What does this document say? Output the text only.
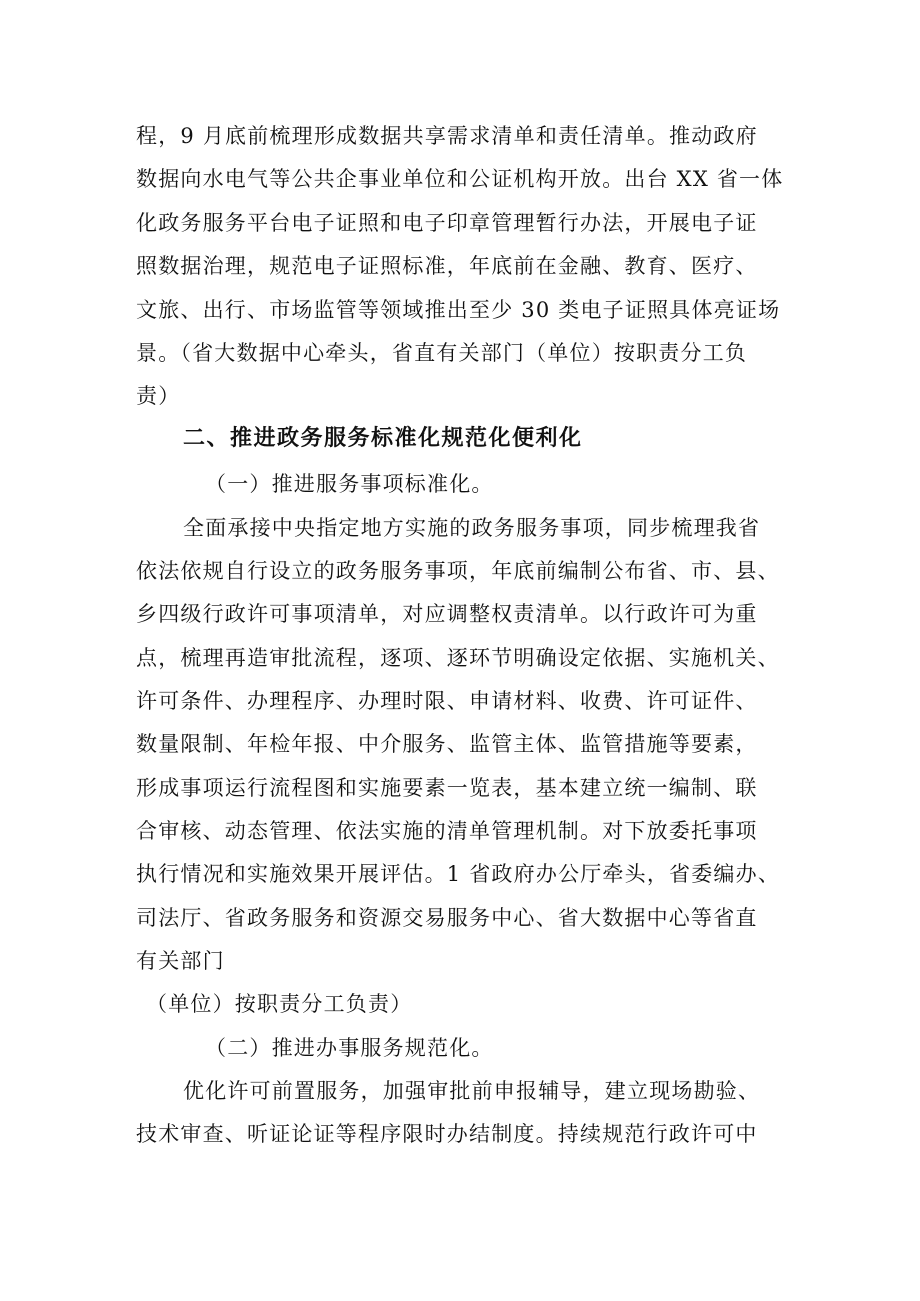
程，9 月底前梳理形成数据共享需求清单和责任清单。推动政府
数据向水电气等公共企事业单位和公证机构开放。出台 XX 省一体
化政务服务平台电子证照和电子印章管理暂行办法，开展电子证
照数据治理，规范电子证照标准，年底前在金融、教育、医疗、
文旅、出行、市场监管等领域推出至少 30 类电子证照具体亮证场
景。（省大数据中心牵头，省直有关部门（单位）按职责分工负
责）
二、推进政务服务标准化规范化便利化
（一）推进服务事项标准化。
全面承接中央指定地方实施的政务服务事项，同步梳理我省
依法依规自行设立的政务服务事项，年底前编制公布省、市、县、
乡四级行政许可事项清单，对应调整权责清单。以行政许可为重
点，梳理再造审批流程，逐项、逐环节明确设定依据、实施机关、
许可条件、办理程序、办理时限、申请材料、收费、许可证件、
数量限制、年检年报、中介服务、监管主体、监管措施等要素，
形成事项运行流程图和实施要素一览表，基本建立统一编制、联
合审核、动态管理、依法实施的清单管理机制。对下放委托事项
执行情况和实施效果开展评估。1 省政府办公厅牵头，省委编办、
司法厅、省政务服务和资源交易服务中心、省大数据中心等省直
有关部门
（单位）按职责分工负责）
（二）推进办事服务规范化。
优化许可前置服务，加强审批前申报辅导，建立现场勘验、
技术审查、听证论证等程序限时办结制度。持续规范行政许可中
